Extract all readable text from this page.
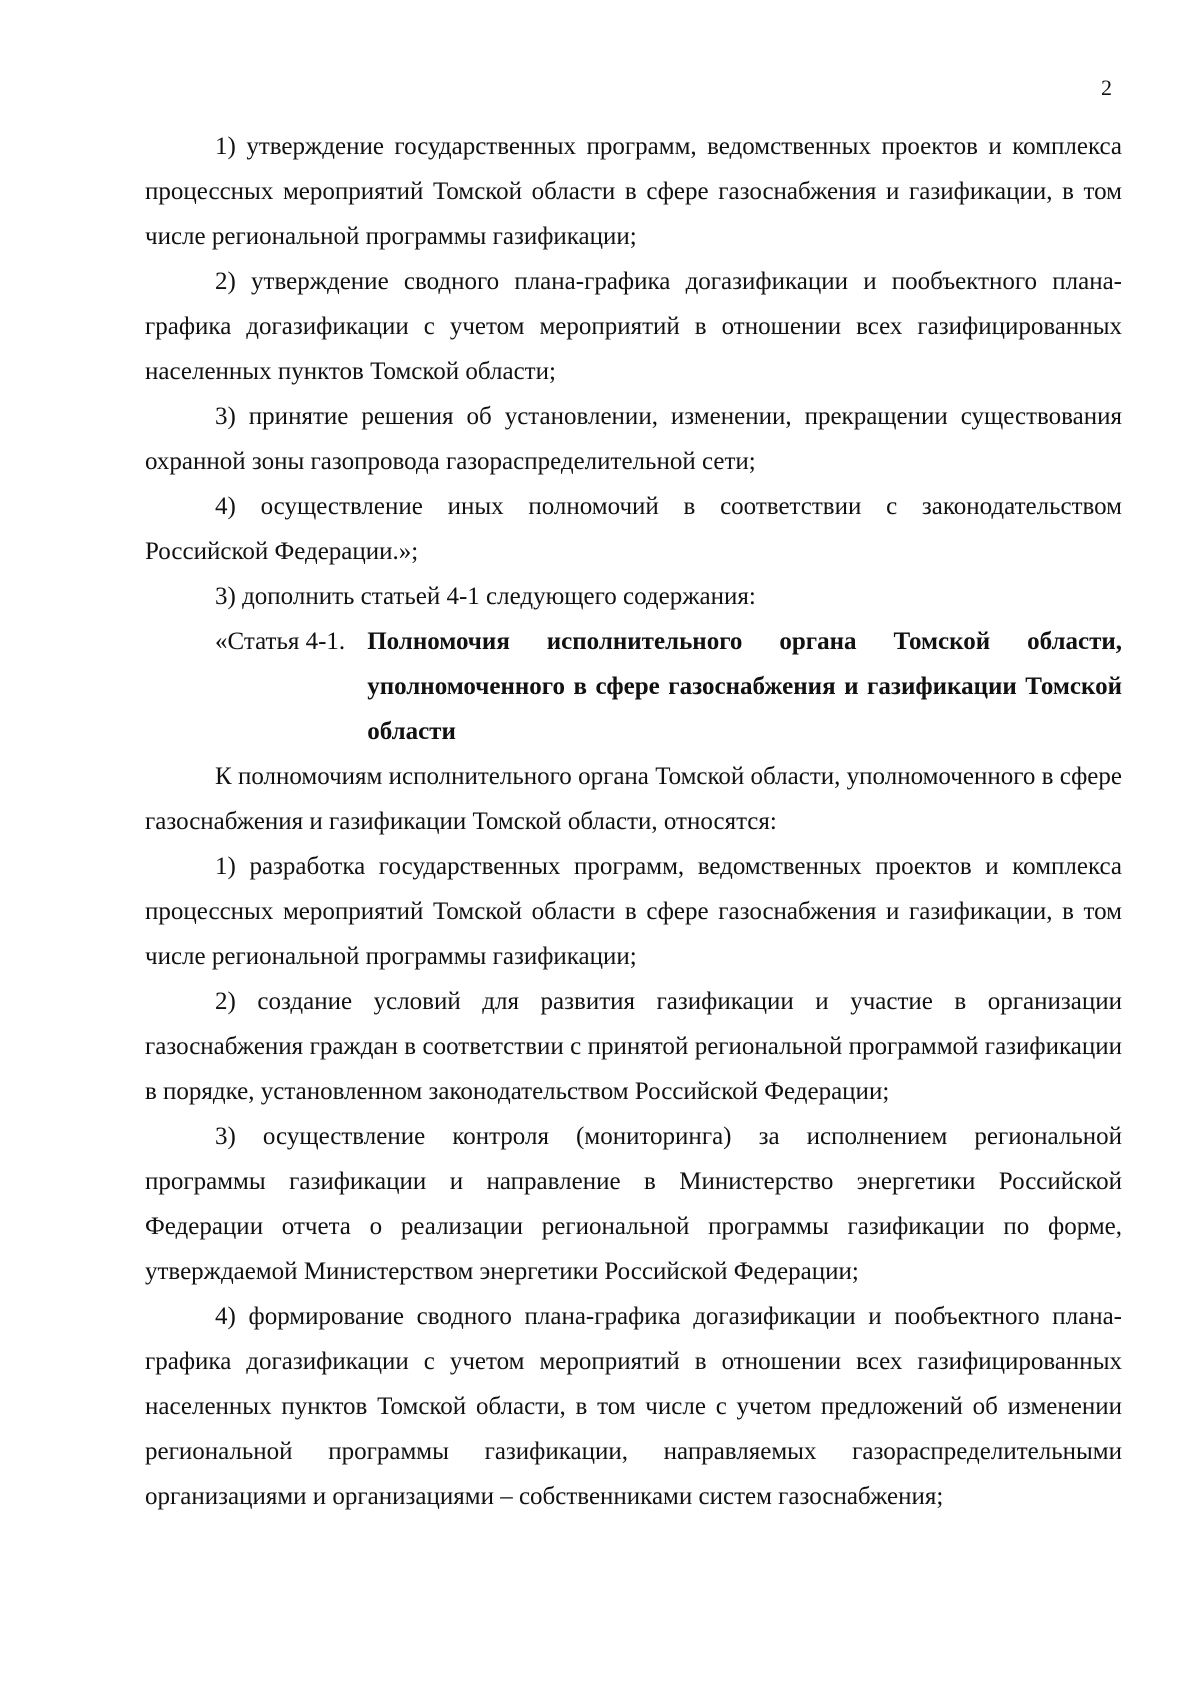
2

1) утверждение государственных программ, ведомственных проектов и комплекса процессных мероприятий Томской области в сфере газоснабжения и газификации, в том числе региональной программы газификации;

2) утверждение сводного плана-графика догазификации и пообъектного плана-графика догазификации с учетом мероприятий в отношении всех газифицированных населенных пунктов Томской области;

3) принятие решения об установлении, изменении, прекращении существования охранной зоны газопровода газораспределительной сети;

4) осуществление иных полномочий в соответствии с законодательством Российской Федерации.»;

3) дополнить статьей 4-1 следующего содержания:

«Статья 4-1. Полномочия исполнительного органа Томской области, уполномоченного в сфере газоснабжения и газификации Томской области

К полномочиям исполнительного органа Томской области, уполномоченного в сфере газоснабжения и газификации Томской области, относятся:

1) разработка государственных программ, ведомственных проектов и комплекса процессных мероприятий Томской области в сфере газоснабжения и газификации, в том числе региональной программы газификации;

2) создание условий для развития газификации и участие в организации газоснабжения граждан в соответствии с принятой региональной программой газификации в порядке, установленном законодательством Российской Федерации;

3) осуществление контроля (мониторинга) за исполнением региональной программы газификации и направление в Министерство энергетики Российской Федерации отчета о реализации региональной программы газификации по форме, утверждаемой Министерством энергетики Российской Федерации;

4) формирование сводного плана-графика догазификации и пообъектного плана-графика догазификации с учетом мероприятий в отношении всех газифицированных населенных пунктов Томской области, в том числе с учетом предложений об изменении региональной программы газификации, направляемых газораспределительными организациями и организациями – собственниками систем газоснабжения;
